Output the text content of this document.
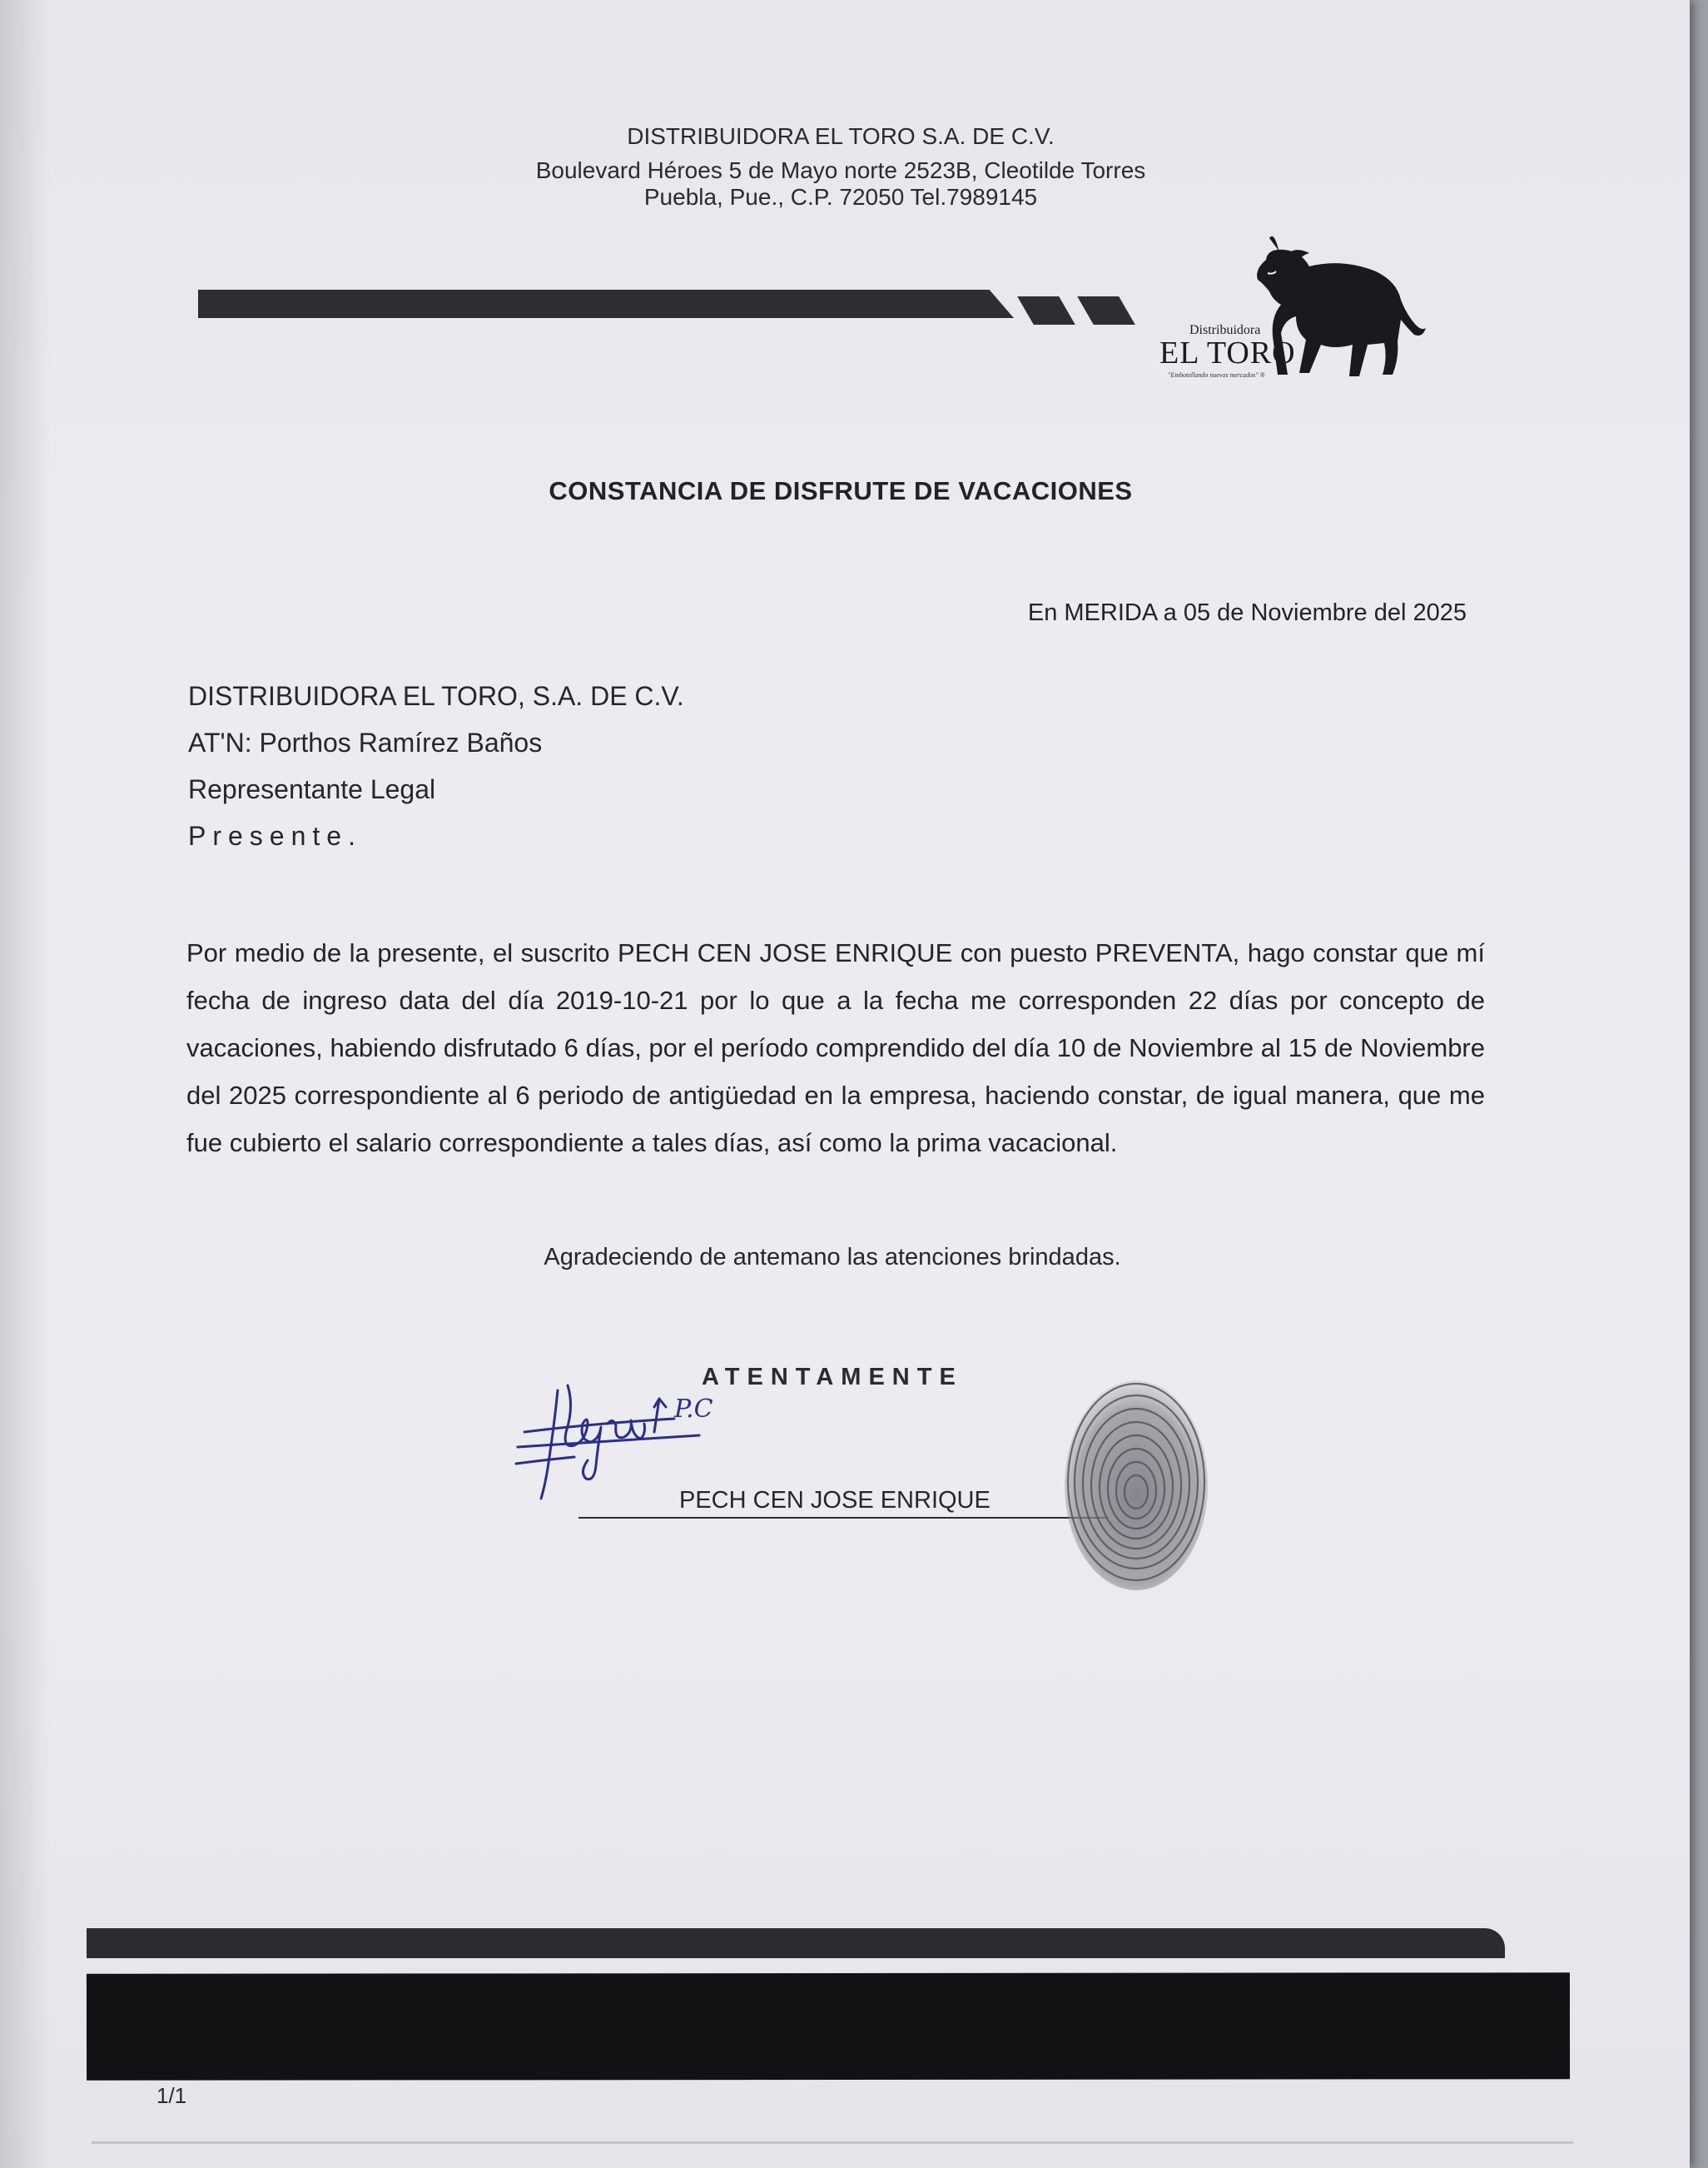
DISTRIBUIDORA EL TORO S.A. DE C.V.
Boulevard Héroes 5 de Mayo norte 2523B, Cleotilde Torres
Puebla, Pue., C.P. 72050 Tel.7989145
Distribuidora
EL TORO
"Embotellando nuevos mercados" ®
CONSTANCIA DE DISFRUTE DE VACACIONES
En MERIDA a 05 de Noviembre del 2025
DISTRIBUIDORA EL TORO, S.A. DE C.V.
AT'N: Porthos Ramírez Baños
Representante Legal
Presente.
Por medio de la presente, el suscrito PECH CEN JOSE ENRIQUE con puesto PREVENTA, hago constar que mí fecha de ingreso data del día 2019-10-21 por lo que a la fecha me corresponden 22 días por concepto de vacaciones, habiendo disfrutado 6 días, por el período comprendido del día 10 de Noviembre al 15 de Noviembre del 2025 correspondiente al 6 periodo de antigüedad en la empresa, haciendo constar, de igual manera, que me fue cubierto el salario correspondiente a tales días, así como la prima vacacional.
Agradeciendo de antemano las atenciones brindadas.
ATENTAMENTE
P.C
PECH CEN JOSE ENRIQUE
1/1
